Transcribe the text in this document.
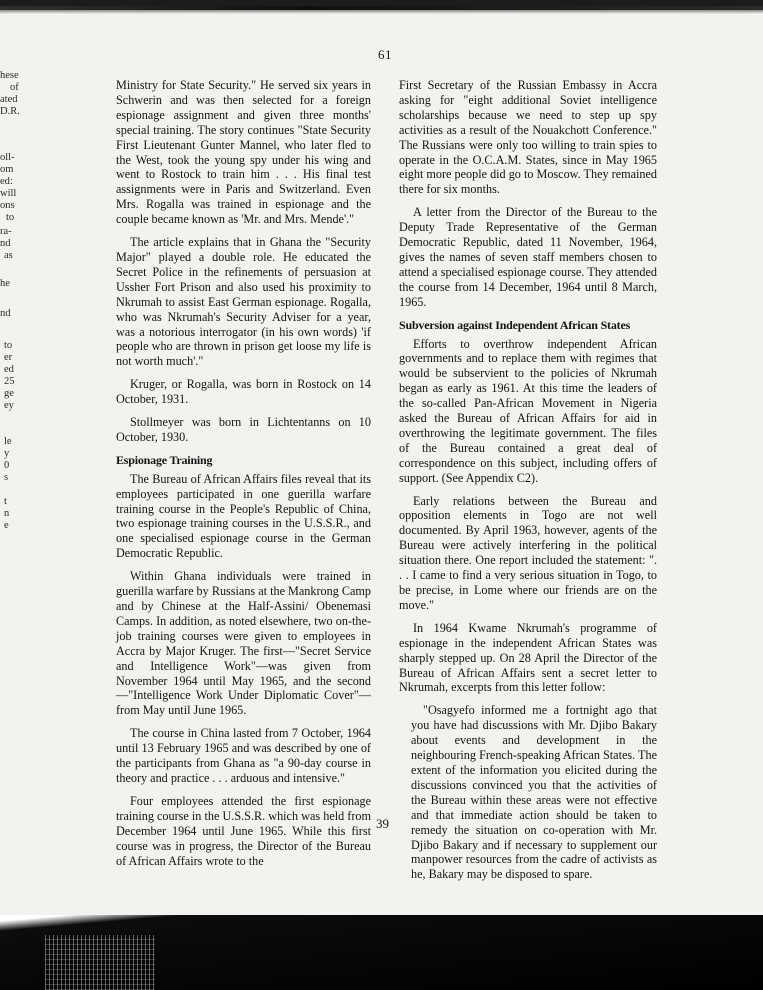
hese
of
ated
D.R.
oll-
om
ed:
will
ons
to
ra-
nd
as
he
nd
to
er
ed
25
ge
ey
le
y
0
s
t
n
e
61

Ministry for State Security." He served six years in Schwerin and was then selected for a foreign espionage assignment and given three months' special training. The story continues "State Security First Lieutenant Gunter Mannel, who later fled to the West, took the young spy under his wing and went to Rostock to train him . . . His final test assignments were in Paris and Switzerland. Even Mrs. Rogalla was trained in espionage and the couple became known as 'Mr. and Mrs. Mende'."

The article explains that in Ghana the "Security Major" played a double role. He educated the Secret Police in the refinements of persuasion at Ussher Fort Prison and also used his proximity to Nkrumah to assist East German espionage. Rogalla, who was Nkrumah's Security Adviser for a year, was a notorious interrogator (in his own words) 'if people who are thrown in prison get loose my life is not worth much'."

Kruger, or Rogalla, was born in Rostock on 14 October, 1931.

Stollmeyer was born in Lichtentanns on 10 October, 1930.

Espionage Training

The Bureau of African Affairs files reveal that its employees participated in one guerilla warfare training course in the People's Republic of China, two espionage training courses in the U.S.S.R., and one specialised espionage course in the German Democratic Republic.

Within Ghana individuals were trained in guerilla warfare by Russians at the Mankrong Camp and by Chinese at the Half-Assini/ Obenemasi Camps. In addition, as noted elsewhere, two on-the-job training courses were given to employees in Accra by Major Kruger. The first—"Secret Service and Intelligence Work"—was given from November 1964 until May 1965, and the second—"Intelligence Work Under Diplomatic Cover"—from May until June 1965.

The course in China lasted from 7 October, 1964 until 13 February 1965 and was described by one of the participants from Ghana as "a 90-day course in theory and practice . . . arduous and intensive."

Four employees attended the first espionage training course in the U.S.S.R. which was held from December 1964 until June 1965. While this first course was in progress, the Director of the Bureau of African Affairs wrote to the

First Secretary of the Russian Embassy in Accra asking for "eight additional Soviet intelligence scholarships because we need to step up spy activities as a result of the Nouakchott Conference." The Russians were only too willing to train spies to operate in the O.C.A.M. States, since in May 1965 eight more people did go to Moscow. They remained there for six months.

A letter from the Director of the Bureau to the Deputy Trade Representative of the German Democratic Republic, dated 11 November, 1964, gives the names of seven staff members chosen to attend a specialised espionage course. They attended the course from 14 December, 1964 until 8 March, 1965.

Subversion against Independent African States

Efforts to overthrow independent African governments and to replace them with regimes that would be subservient to the policies of Nkrumah began as early as 1961. At this time the leaders of the so-called Pan-African Movement in Nigeria asked the Bureau of African Affairs for aid in overthrowing the legitimate government. The files of the Bureau contained a great deal of correspondence on this subject, including offers of support. (See Appendix C2).

Early relations between the Bureau and opposition elements in Togo are not well documented. By April 1963, however, agents of the Bureau were actively interfering in the political situation there. One report included the statement: ". . . I came to find a very serious situation in Togo, to be precise, in Lome where our friends are on the move."

In 1964 Kwame Nkrumah's programme of espionage in the independent African States was sharply stepped up. On 28 April the Director of the Bureau of African Affairs sent a secret letter to Nkrumah, excerpts from this letter follow:

"Osagyefo informed me a fortnight ago that you have had discussions with Mr. Djibo Bakary about events and development in the neighbouring French-speaking African States. The extent of the information you elicited during the discussions convinced you that the activities of the Bureau within these areas were not effective and that immediate action should be taken to remedy the situation on co-operation with Mr. Djibo Bakary and if necessary to supplement our manpower resources from the cadre of activists as he, Bakary may be disposed to spare.
39
